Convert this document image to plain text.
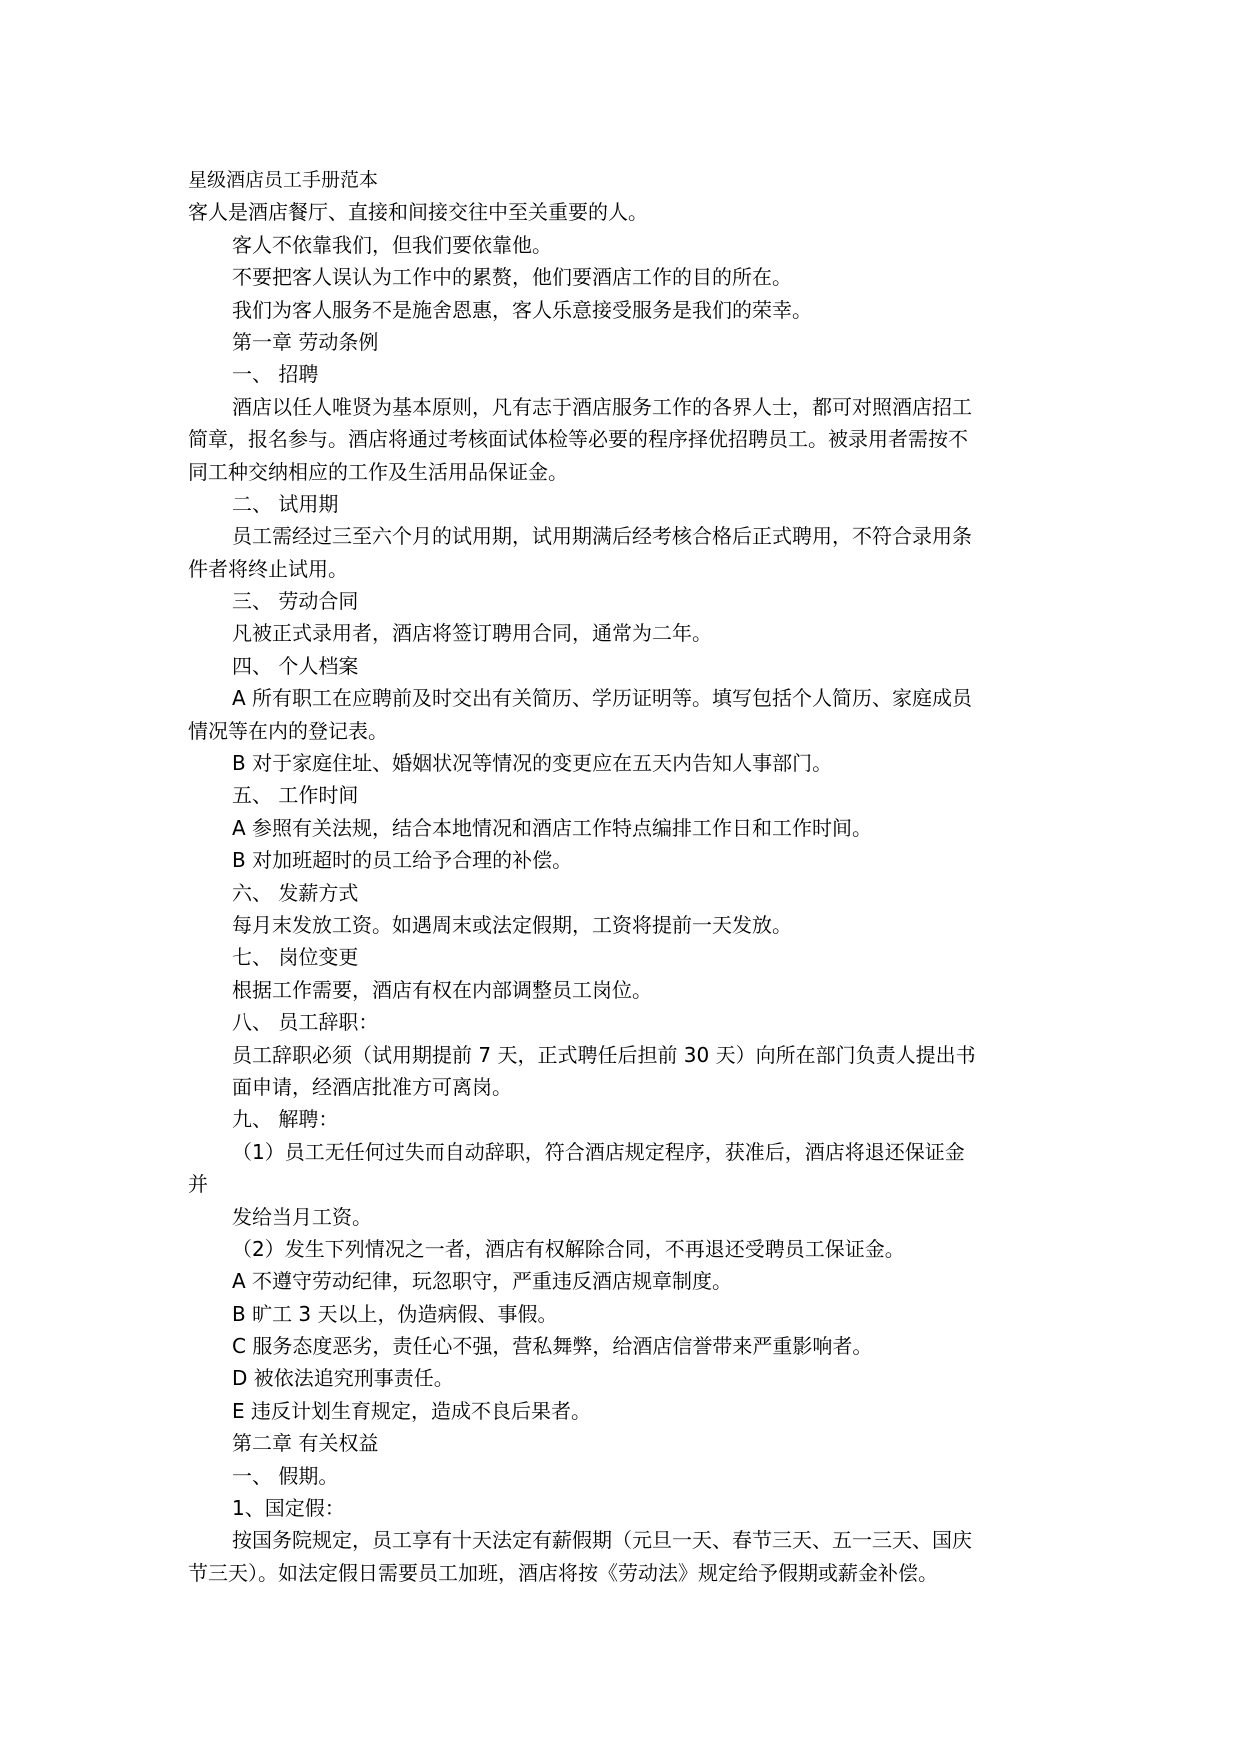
星级酒店员工手册范本
客人是酒店餐厅、直接和间接交往中至关重要的人。
客人不依靠我们，但我们要依靠他。
不要把客人误认为工作中的累赘，他们要酒店工作的目的所在。
我们为客人服务不是施舍恩惠，客人乐意接受服务是我们的荣幸。
第一章 劳动条例
一、 招聘
酒店以任人唯贤为基本原则，凡有志于酒店服务工作的各界人士，都可对照酒店招工
简章，报名参与。酒店将通过考核面试体检等必要的程序择优招聘员工。被录用者需按不
同工种交纳相应的工作及生活用品保证金。
二、 试用期
员工需经过三至六个月的试用期，试用期满后经考核合格后正式聘用，不符合录用条
件者将终止试用。
三、 劳动合同
凡被正式录用者，酒店将签订聘用合同，通常为二年。
四、 个人档案
A 所有职工在应聘前及时交出有关简历、学历证明等。填写包括个人简历、家庭成员
情况等在内的登记表。
B 对于家庭住址、婚姻状况等情况的变更应在五天内告知人事部门。
五、 工作时间
A 参照有关法规，结合本地情况和酒店工作特点编排工作日和工作时间。
B 对加班超时的员工给予合理的补偿。
六、 发薪方式
每月末发放工资。如遇周末或法定假期，工资将提前一天发放。
七、 岗位变更
根据工作需要，酒店有权在内部调整员工岗位。
八、 员工辞职：
员工辞职必须（试用期提前 7 天，正式聘任后担前 30 天）向所在部门负责人提出书
面申请，经酒店批准方可离岗。
九、 解聘：
（1）员工无任何过失而自动辞职，符合酒店规定程序，获准后，酒店将退还保证金
并
发给当月工资。
（2）发生下列情况之一者，酒店有权解除合同，不再退还受聘员工保证金。
A 不遵守劳动纪律，玩忽职守，严重违反酒店规章制度。
B 旷工 3 天以上，伪造病假、事假。
C 服务态度恶劣，责任心不强，营私舞弊，给酒店信誉带来严重影响者。
D 被依法追究刑事责任。
E 违反计划生育规定，造成不良后果者。
第二章 有关权益
一、 假期。
1、国定假：
按国务院规定，员工享有十天法定有薪假期（元旦一天、春节三天、五一三天、国庆
节三天）。如法定假日需要员工加班，酒店将按《劳动法》规定给予假期或薪金补偿。
